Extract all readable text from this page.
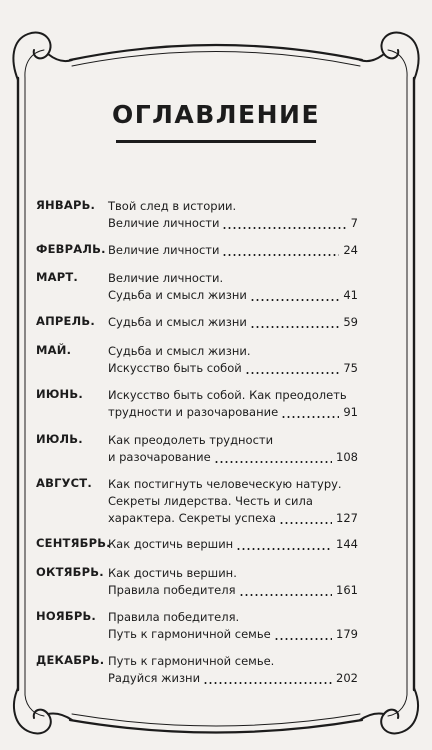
ОГЛАВЛЕНИЕ
ЯНВАРЬ. Твой след в истории.
Величие личности	7
ФЕВРАЛЬ. Величие личности	24
МАРТ.	Величие личности.
Судьба и смысл жизни	41
АПРЕЛЬ. Судьба и смысл жизни	59
МАЙ.	Судьба и смысл жизни.
Искусство быть собой	75
ИЮНЬ. Искусство быть собой. Как преодолеть
трудности и разочарование	91
ИЮЛЬ. Как преодолеть трудности
и разочарование	108
АВГУСТ. Как постигнуть человеческую натуру.
Секреты лидерства. Честь и сила
характера. Секреты успеха	127
СЕНТЯБРЬ.
Как достичь вершин	144
ОКТЯБРЬ. Как достичь вершин.
Правила победителя	161
НОЯБРЬ. Правила победителя.
Путь к гармоничной семье	179
ДЕКАБРЬ. Путь к гармоничной семье.
Радуйся жизни	202
